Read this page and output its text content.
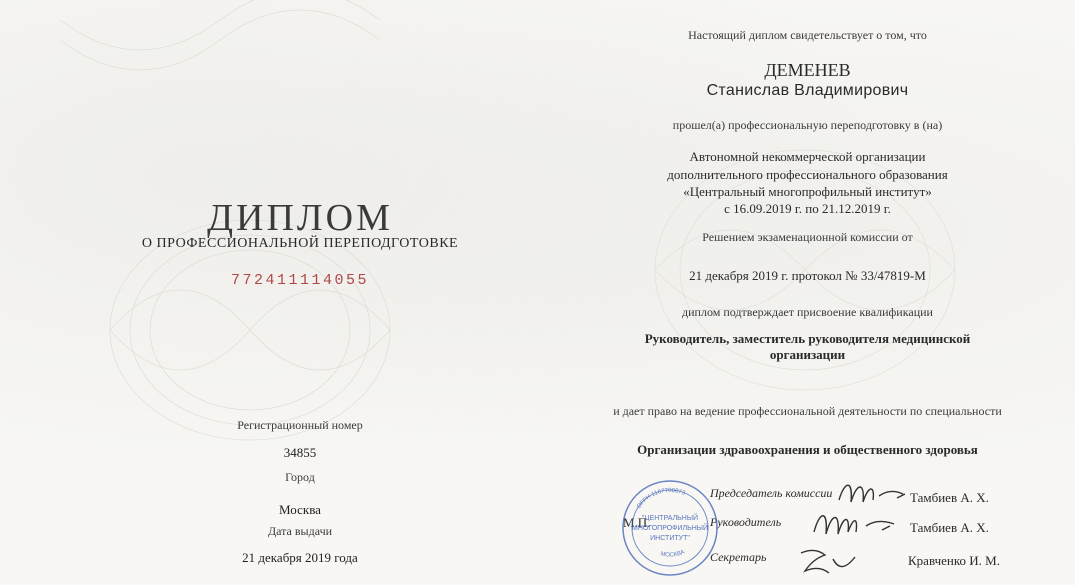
ДИПЛОМ
О ПРОФЕССИОНАЛЬНОЙ ПЕРЕПОДГОТОВКЕ
772411114055
Регистрационный номер
34855
Город
Москва
Дата выдачи
21 декабря 2019 года
Настоящий диплом свидетельствует о том, что
ДЕМЕНЕВ
Станислав Владимирович
прошел(а) профессиональную переподготовку в (на)
Автономной некоммерческой организации
дополнительного профессионального образования
«Центральный многопрофильный институт»
с 16.09.2019 г. по 21.12.2019 г.
Решением экзаменационной комиссии от
21 декабря 2019 г. протокол № 33/47819-М
диплом подтверждает присвоение квалификации
Руководитель, заместитель руководителя медицинской
организации
и дает право на ведение профессиональной деятельности по специальности
Организации здравоохранения и общественного здоровья
Председатель комиссии	Тамбиев А. Х.
М.П.	Руководитель	Тамбиев А. Х.
Секретарь	Кравченко И. М.
ОГРН 1167700073
МОСКВА
"ЦЕНТРАЛЬНЫЙ
МНОГОПРОФИЛЬНЫЙ
ИНСТИТУТ"
